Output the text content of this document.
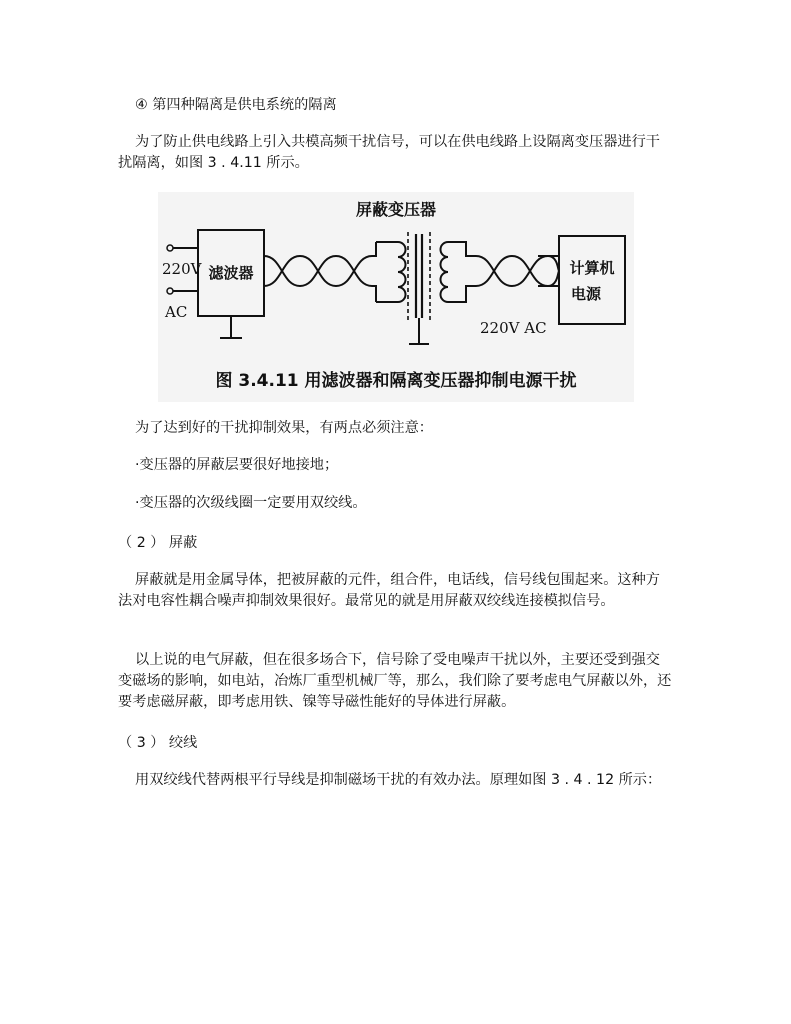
④ 第四种隔离是供电系统的隔离

为了防止供电线路上引入共模高频干扰信号，可以在供电线路上设隔离变压器进行干扰隔离，如图 3 . 4.11 所示。

屏蔽变压器
220V
AC
滤波器
220V AC
计算机
电源
图 3.4.11 用滤波器和隔离变压器抑制电源干扰

为了达到好的干扰抑制效果，有两点必须注意：

·变压器的屏蔽层要很好地接地；

·变压器的次级线圈一定要用双绞线。

（ 2 ） 屏蔽

屏蔽就是用金属导体，把被屏蔽的元件，组合件，电话线，信号线包围起来。这种方法对电容性耦合噪声抑制效果很好。最常见的就是用屏蔽双绞线连接模拟信号。

以上说的电气屏蔽，但在很多场合下，信号除了受电噪声干扰以外，主要还受到强交变磁场的影响，如电站，冶炼厂重型机械厂等，那么，我们除了要考虑电气屏蔽以外，还要考虑磁屏蔽，即考虑用铁、镍等导磁性能好的导体进行屏蔽。

（ 3 ） 绞线

用双绞线代替两根平行导线是抑制磁场干扰的有效办法。原理如图 3 . 4 . 12 所示：
